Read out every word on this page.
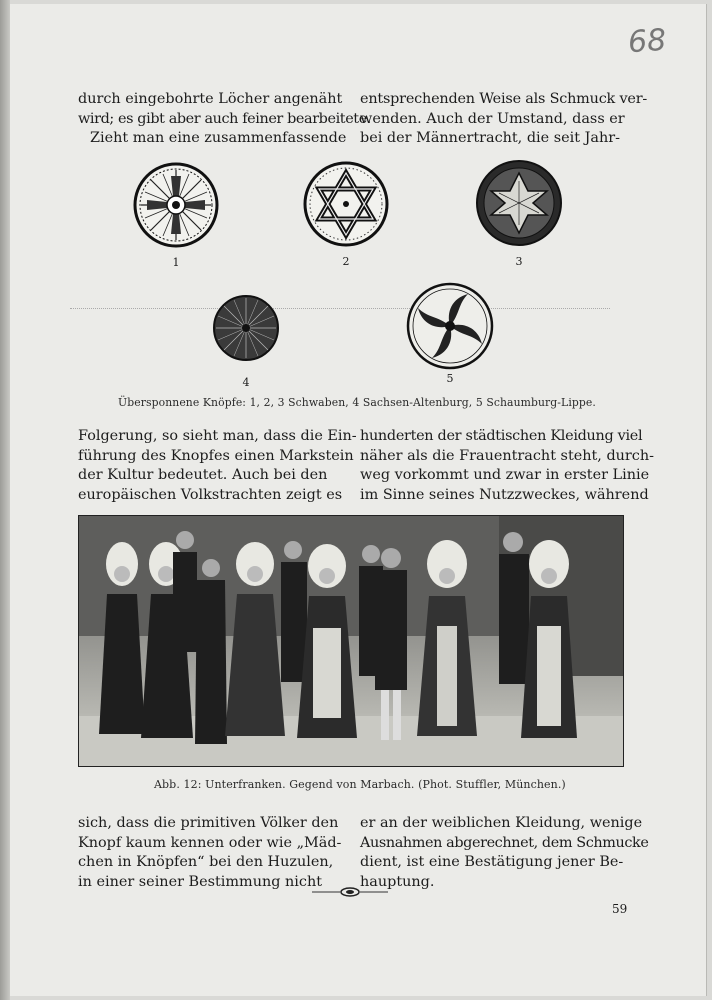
68
durch eingebohrte Löcher angenäht
wird; es gibt aber auch feiner bearbeitete.
Zieht man eine zusammenfassende
entsprechenden Weise als Schmuck ver-
wenden. Auch der Umstand, dass er
bei der Männertracht, die seit Jahr-
1	2	3
4	5
Übersponnene Knöpfe: 1, 2, 3 Schwaben, 4 Sachsen-Altenburg, 5 Schaumburg-Lippe.
Folgerung, so sieht man, dass die Ein-
führung des Knopfes einen Markstein
der Kultur bedeutet. Auch bei den
europäischen Volkstrachten zeigt es
hunderten der städtischen Kleidung viel
näher als die Frauentracht steht, durch-
weg vorkommt und zwar in erster Linie
im Sinne seines Nutzzweckes, während
Abb. 12: Unterfranken. Gegend von Marbach. (Phot. Stuffler, München.)
sich, dass die primitiven Völker den
Knopf kaum kennen oder wie „Mäd-
chen in Knöpfen“ bei den Huzulen,
in einer seiner Bestimmung nicht
er an der weiblichen Kleidung, wenige
Ausnahmen abgerechnet, dem Schmucke
dient, ist eine Bestätigung jener Be-
hauptung.
59
